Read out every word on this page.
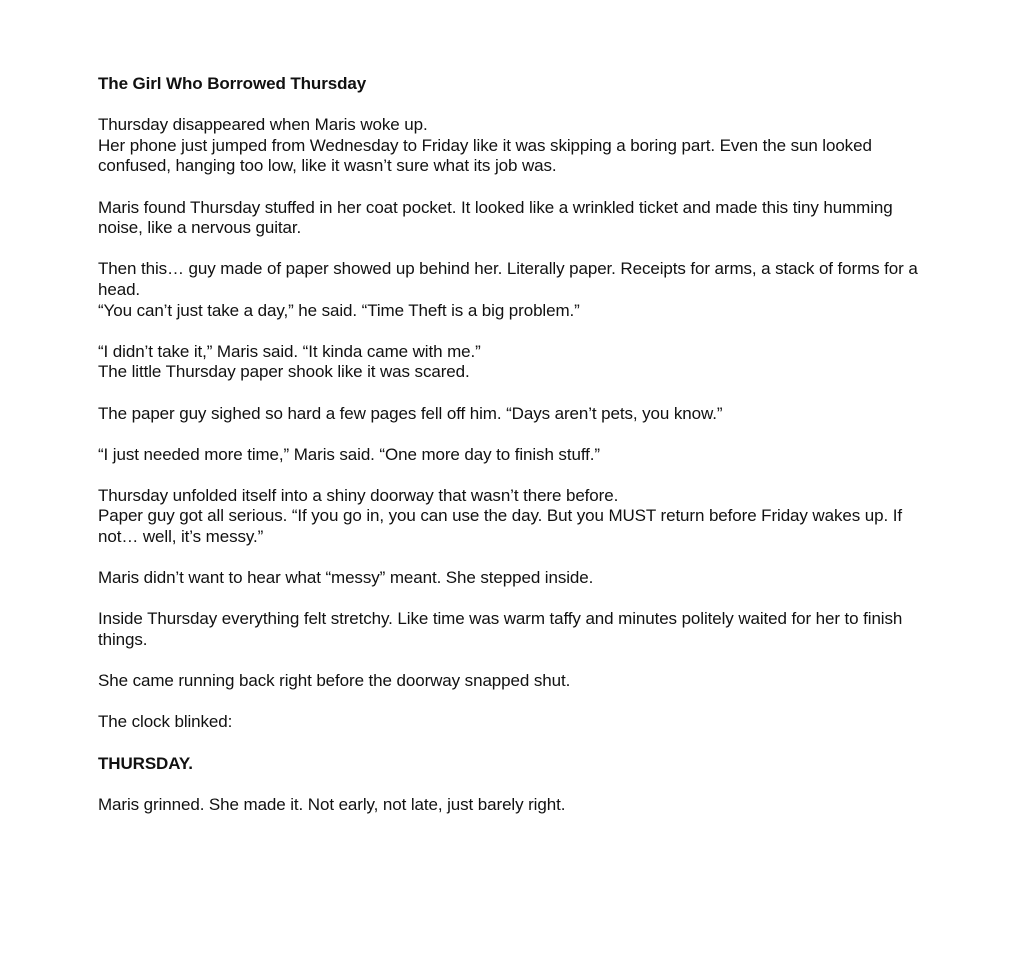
The Girl Who Borrowed Thursday
Thursday disappeared when Maris woke up.
Her phone just jumped from Wednesday to Friday like it was skipping a boring part. Even the sun looked confused, hanging too low, like it wasn’t sure what its job was.
Maris found Thursday stuffed in her coat pocket. It looked like a wrinkled ticket and made this tiny humming noise, like a nervous guitar.
Then this… guy made of paper showed up behind her. Literally paper. Receipts for arms, a stack of forms for a head.
“You can’t just take a day,” he said. “Time Theft is a big problem.”
“I didn’t take it,” Maris said. “It kinda came with me.”
The little Thursday paper shook like it was scared.
The paper guy sighed so hard a few pages fell off him. “Days aren’t pets, you know.”
“I just needed more time,” Maris said. “One more day to finish stuff.”
Thursday unfolded itself into a shiny doorway that wasn’t there before.
Paper guy got all serious. “If you go in, you can use the day. But you MUST return before Friday wakes up. If not… well, it’s messy.”
Maris didn’t want to hear what “messy” meant. She stepped inside.
Inside Thursday everything felt stretchy. Like time was warm taffy and minutes politely waited for her to finish things.
She came running back right before the doorway snapped shut.
The clock blinked:
THURSDAY.
Maris grinned. She made it. Not early, not late, just barely right.
